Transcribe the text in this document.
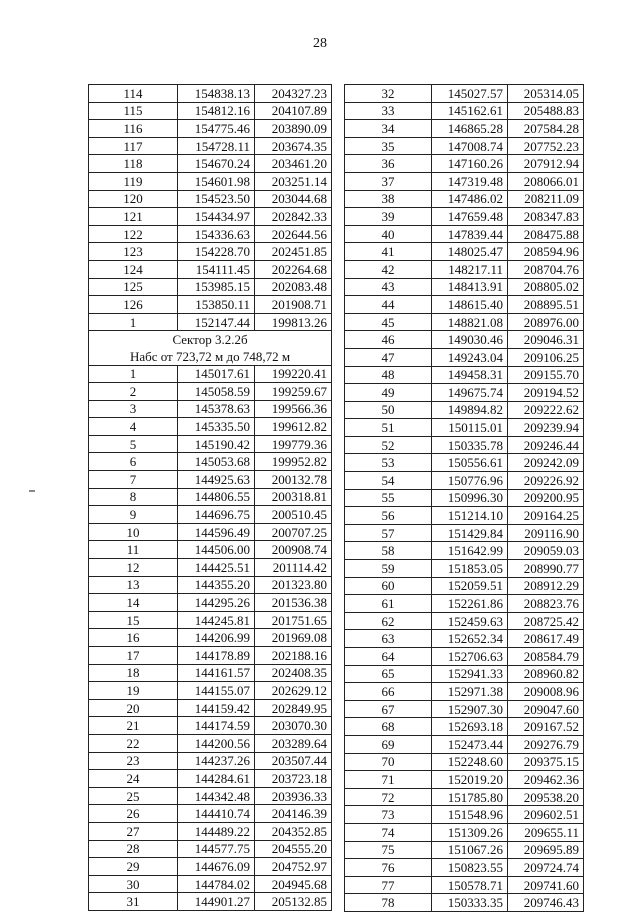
28
114	154838.13	204327.23
115	154812.16	204107.89
116	154775.46	203890.09
117	154728.11	203674.35
118	154670.24	203461.20
119	154601.98	203251.14
120	154523.50	203044.68
121	154434.97	202842.33
122	154336.63	202644.56
123	154228.70	202451.85
124	154111.45	202264.68
125	153985.15	202083.48
126	153850.11	201908.71
1	152147.44	199813.26
Сектор 3.2.2б		
Набс от 723,72 м до 748,72 м		
1	145017.61	199220.41
2	145058.59	199259.67
3	145378.63	199566.36
4	145335.50	199612.82
5	145190.42	199779.36
6	145053.68	199952.82
7	144925.63	200132.78
8	144806.55	200318.81
9	144696.75	200510.45
10	144596.49	200707.25
11	144506.00	200908.74
12	144425.51	201114.42
13	144355.20	201323.80
14	144295.26	201536.38
15	144245.81	201751.65
16	144206.99	201969.08
17	144178.89	202188.16
18	144161.57	202408.35
19	144155.07	202629.12
20	144159.42	202849.95
21	144174.59	203070.30
22	144200.56	203289.64
23	144237.26	203507.44
24	144284.61	203723.18
25	144342.48	203936.33
26	144410.74	204146.39
27	144489.22	204352.85
28	144577.75	204555.20
29	144676.09	204752.97
30	144784.02	204945.68
31	144901.27	205132.85
32	145027.57	205314.05
33	145162.61	205488.83
34	146865.28	207584.28
35	147008.74	207752.23
36	147160.26	207912.94
37	147319.48	208066.01
38	147486.02	208211.09
39	147659.48	208347.83
40	147839.44	208475.88
41	148025.47	208594.96
42	148217.11	208704.76
43	148413.91	208805.02
44	148615.40	208895.51
45	148821.08	208976.00
46	149030.46	209046.31
47	149243.04	209106.25
48	149458.31	209155.70
49	149675.74	209194.52
50	149894.82	209222.62
51	150115.01	209239.94
52	150335.78	209246.44
53	150556.61	209242.09
54	150776.96	209226.92
55	150996.30	209200.95
56	151214.10	209164.25
57	151429.84	209116.90
58	151642.99	209059.03
59	151853.05	208990.77
60	152059.51	208912.29
61	152261.86	208823.76
62	152459.63	208725.42
63	152652.34	208617.49
64	152706.63	208584.79
65	152941.33	208960.82
66	152971.38	209008.96
67	152907.30	209047.60
68	152693.18	209167.52
69	152473.44	209276.79
70	152248.60	209375.15
71	152019.20	209462.36
72	151785.80	209538.20
73	151548.96	209602.51
74	151309.26	209655.11
75	151067.26	209695.89
76	150823.55	209724.74
77	150578.71	209741.60
78	150333.35	209746.43
